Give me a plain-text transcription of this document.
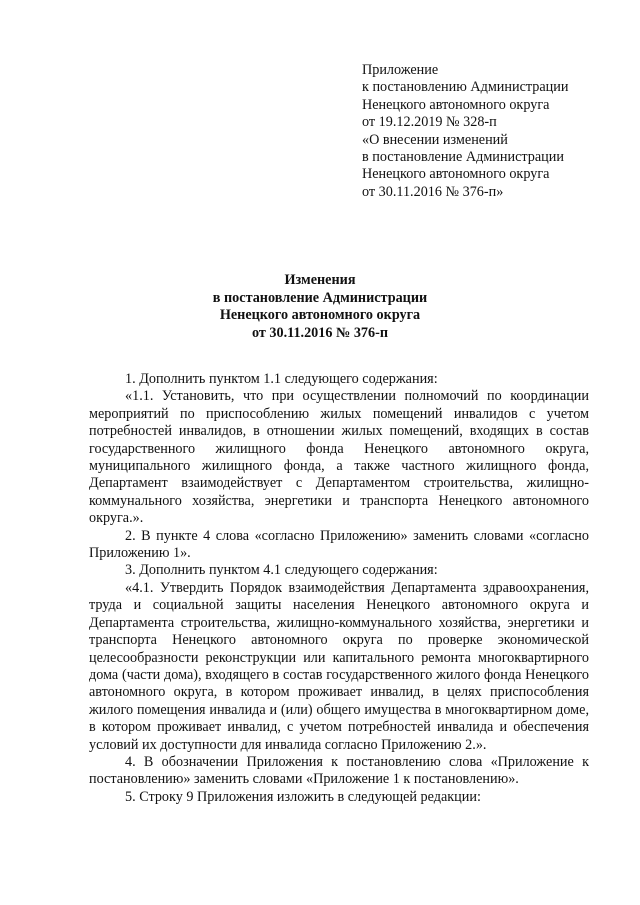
Приложение
к постановлению Администрации
Ненецкого автономного округа
от 19.12.2019 № 328-п
«О внесении изменений
в постановление Администрации
Ненецкого автономного округа
от 30.11.2016 № 376-п»
Изменения
в постановление Администрации
Ненецкого автономного округа
от 30.11.2016 № 376-п

1. Дополнить пунктом 1.1 следующего содержания:

«1.1. Установить, что при осуществлении полномочий по координации мероприятий по приспособлению жилых помещений инвалидов с учетом потребностей инвалидов, в отношении жилых помещений, входящих в состав государственного жилищного фонда Ненецкого автономного округа, муниципального жилищного фонда, а также частного жилищного фонда, Департамент взаимодействует с Департаментом строительства, жилищно-коммунального хозяйства, энергетики и транспорта Ненецкого автономного округа.».

2. В пункте 4 слова «согласно Приложению» заменить словами «согласно Приложению 1».

3. Дополнить пунктом 4.1 следующего содержания:

«4.1. Утвердить Порядок взаимодействия Департамента здравоохранения, труда и социальной защиты населения Ненецкого автономного округа и Департамента строительства, жилищно-коммунального хозяйства, энергетики и транспорта Ненецкого автономного округа по проверке экономической целесообразности реконструкции или капитального ремонта многоквартирного дома (части дома), входящего в состав государственного жилого фонда Ненецкого автономного округа, в котором проживает инвалид, в целях приспособления жилого помещения инвалида и (или) общего имущества в многоквартирном доме, в котором проживает инвалид, с учетом потребностей инвалида и обеспечения условий их доступности для инвалида согласно Приложению 2.».

4. В обозначении Приложения к постановлению слова «Приложение к постановлению» заменить словами «Приложение 1 к постановлению».

5. Строку 9 Приложения изложить в следующей редакции:
